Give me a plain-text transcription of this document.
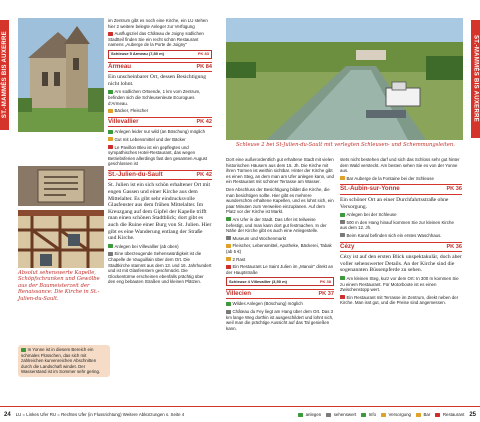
ST.-MAMMÈS BIS AUXERRE	ST.-MAMMÈS BIS AUXERRE
Absolut sehenswerte Kapelle, Schöpfschranken und Gewölbe aus der Baumeisterzeit der Renaissance: Die Kirche in St.-Julien-du-Sault.
In Yonne ist in diesem Bereich ein schmales Flüsschen, das sich mit zahlreichen kurvenreichen Abschnitten durch die Landschaft windet. Der Wasserstand ist im Sommer sehr gering.

im Zentrum gibt es noch eine Kirche, ein LU stehen hier 2 weitere belegte Anleger zur Verfügung

Ausflugsziel das Château de Joigny südlichen Stadtteil finden Sie ein recht schön Restaurant namens „Auberge de la Porte de Joigny“

Schleuse 5 Armeau (7,80 m)	PK 83
Armeau	PK 84

Ein unscheinbarer Ort, dessen Besichtigung nicht lohnt.

Am südlichen Ortsende, 1 km vom Zentrum, befinden sich die Schleusenleute Ecurogues d’Armeau.

Bäcker, Fleischer

Villevallier	PK 42

Anlegen leider nur wild (an Böschung) möglich

Gut mit Lebensmittel und der Bäcker

Le Pavillon Bleu ist ein gepflegtes und sympathisches Hotel-Restaurant, das wegen Betriebsferien allerdings fast den gesamten August geschlossen ist

St.-Julien-du-Sault	PK 42

St. Julien ist ein sich schön erhaltener Ort mit engen Gassen und einer Kirche aus dem Mittelalter. Es gibt sehr eindrucksvolle Glasfenster aus dem frühen Mittelalter. Im Kreuzgang auf dem Gipfel der Kapelle trifft man einen schönen Stadtblick; dort gibt es auch die Ruine einer Burg von St. Julien. Hier gibt es eine Wanderung entlang der Straße und Kirche.

Anlegen bei Villevallier (ab oben)

Eine überzeugende Sehenswürdigkeit ist die Chapelle de Vauguillain über dem Ort. Die Stadtkirche stammt aus dem 13. und 16. Jahrhundert und ist mit Glasfenstern geschmückt. Die Glockentürme erscheinen ebenfalls prächtig über den eng bebauten Straßen und kleinen Plätzen.

Schleuse 2 bei St-Julien-du-Sault mit verlegten Schleusen- und Schemmungsleiten.

Dort eine außerordentlich gut erhaltene Stadt mit vielen historischen Häusern aus dem 15. Jh. Die Kirche mit ihren Türmen ist weithin sichtbar. Hinter der Kirche gibt es einen Steg, an dem man am Ufer anlegen kann, und ein Restaurant mit schöner Terrasse am Wasser.

Den Abschluss der Besichtigung bildet die Kirche, die man besichtigen sollte. Hier gibt es mehrere wunderschön erhaltene Kapellen, und es lohnt sich, ein paar Minuten zum Verweilen einzuplanen. Auf dem Platz vor der Kirche ist Markt.

Am Ufer in der Stadt. Das Ufer ist teilweise befestigt, und man kann dort gut festmachen. In der Nähe der Kirche gibt es auch eine Anlegestelle.

Museum und Wochenmarkt

Fleischer, Lebensmittel, Apotheke, Bäckerei, Tabak (ab 5 €)

2 Rast

Ein Restaurant Le Saint Julien im „Manoir“ direkt an der Hauptstraße

Schleuse 4 Villevallier (3,50 m)	PK 38
Villecien	PK 37

Wildes Anlegen (Böschung) möglich

Château du Fey liegt am Hang über dem Ort. Das 3 km lange Weg dorthin ist ausgeschildert und lohnt sich, weil man die prächtige Aussicht auf das Tal genießen kann.

stets nicht bestehen darf und sich das Schloss sehr gut hinter dem Wald versteckt. Am besten sehen Sie es von der Yonne aus.

Bar Auberge de la Fontaine bei der Schleuse

St.-Aubin-sur-Yonne	PK 36

Ein schöner Ort an einer Durchfahrtsstraße ohne Versorgung.

Anlegen bei der Schleuse

500 m den Hang hinauf kommen Sie zur kleinen Kirche aus dem 12. Jh.

Beim Kanal befinden sich ein erstes Waschhaus.

Cézy	PK 36

Cézy ist auf den ersten Blick unspektakulär, doch aber voller sehenswerter Details. An der Kirche sind die sogenannten Büssenpferde zu sehen.

Am kleinen Steg, kurz vor dem Ort: In 300 m kommen Sie zu einem Restaurant. Für Motorboote ist es einen Zwischenstopp wert.

Ein Restaurant mit Terrasse im Zentrum, direkt neben der Kirche. Man isst gut, und die Preise sind angemessen.

24 LU = Linkes Ufer RU = Rechtes Ufer (in Flussrichtung) Weitere Abkürzungen s. Seite 4	anlegen	sehenswert	Info	Versorgung	Bar	Restaurant 25
